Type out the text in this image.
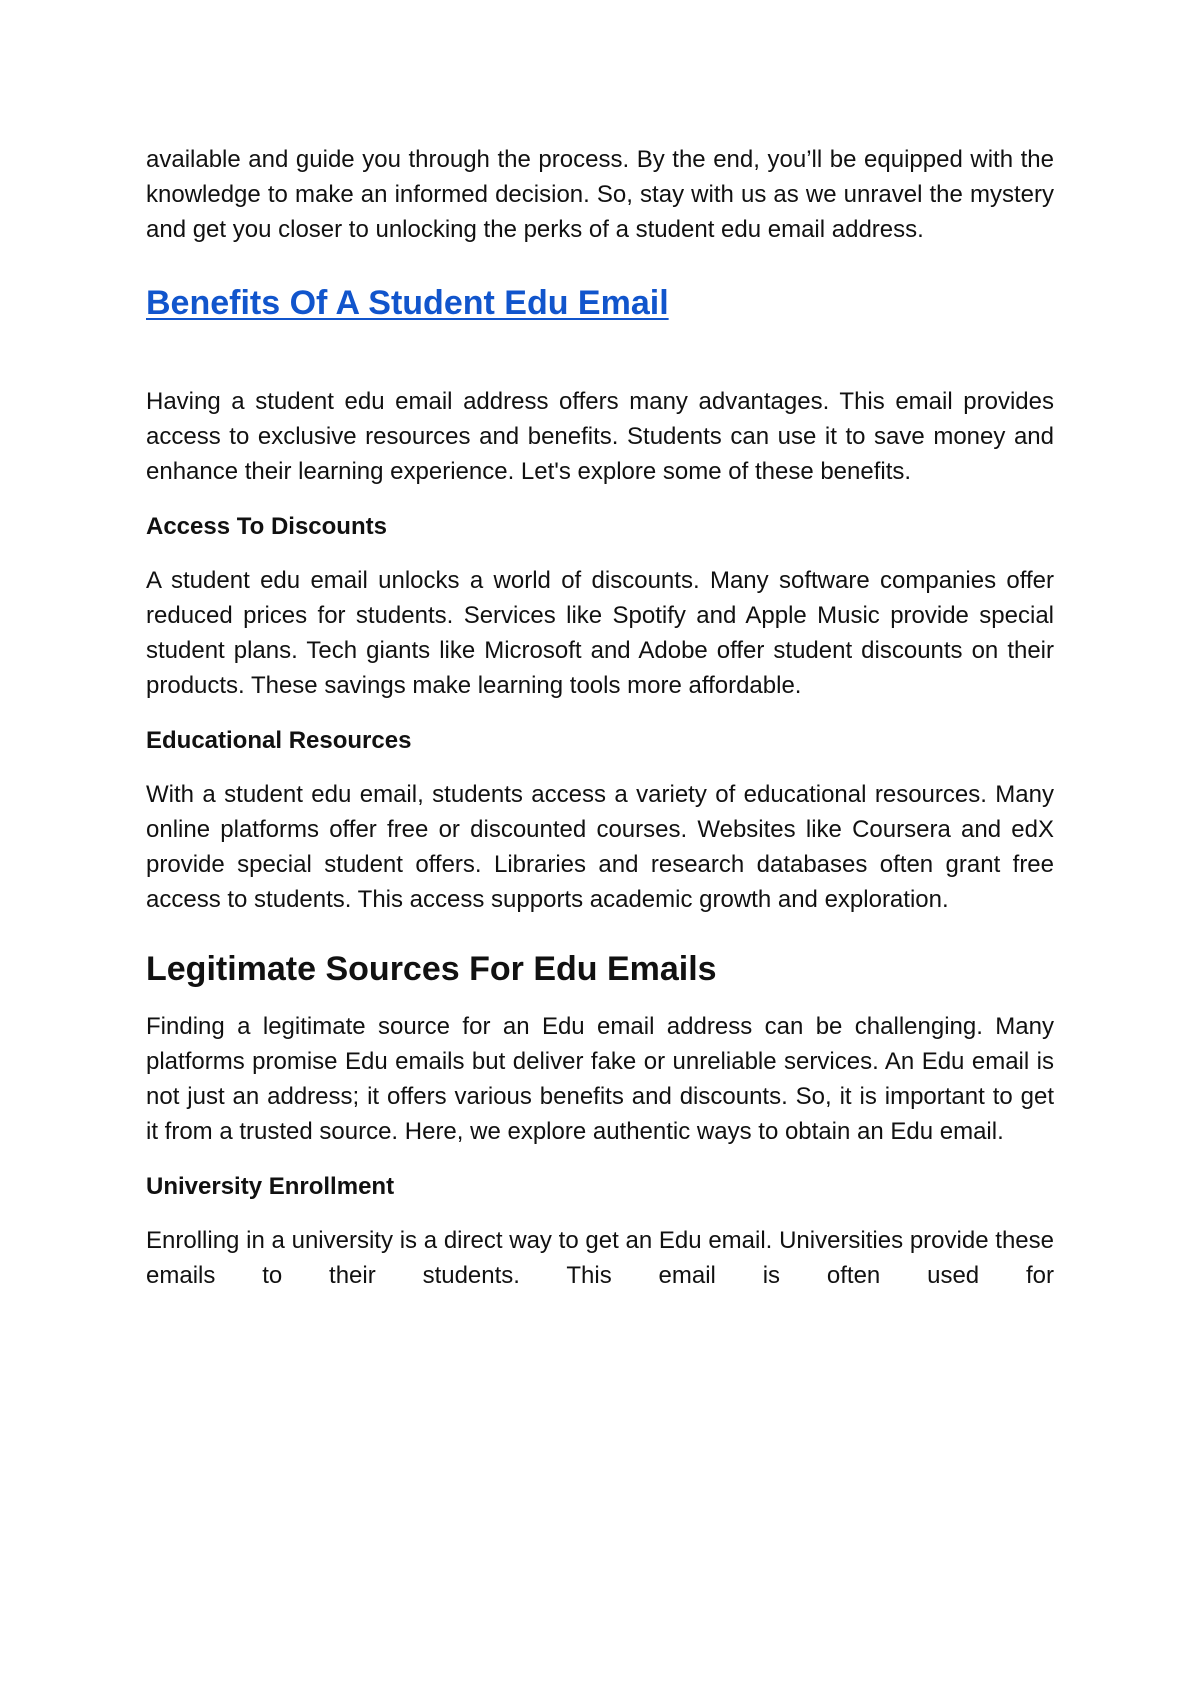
available and guide you through the process. By the end, you’ll be equipped with the knowledge to make an informed decision. So, stay with us as we unravel the mystery and get you closer to unlocking the perks of a student edu email address.

Benefits Of A Student Edu Email

Having a student edu email address offers many advantages. This email provides access to exclusive resources and benefits. Students can use it to save money and enhance their learning experience. Let's explore some of these benefits.

Access To Discounts

A student edu email unlocks a world of discounts. Many software companies offer reduced prices for students. Services like Spotify and Apple Music provide special student plans. Tech giants like Microsoft and Adobe offer student discounts on their products. These savings make learning tools more affordable.

Educational Resources

With a student edu email, students access a variety of educational resources. Many online platforms offer free or discounted courses. Websites like Coursera and edX provide special student offers. Libraries and research databases often grant free access to students. This access supports academic growth and exploration.

Legitimate Sources For Edu Emails

Finding a legitimate source for an Edu email address can be challenging. Many platforms promise Edu emails but deliver fake or unreliable services. An Edu email is not just an address; it offers various benefits and discounts. So, it is important to get it from a trusted source. Here, we explore authentic ways to obtain an Edu email.

University Enrollment

Enrolling in a university is a direct way to get an Edu email. Universities provide these emails to their students. This email is often used for
